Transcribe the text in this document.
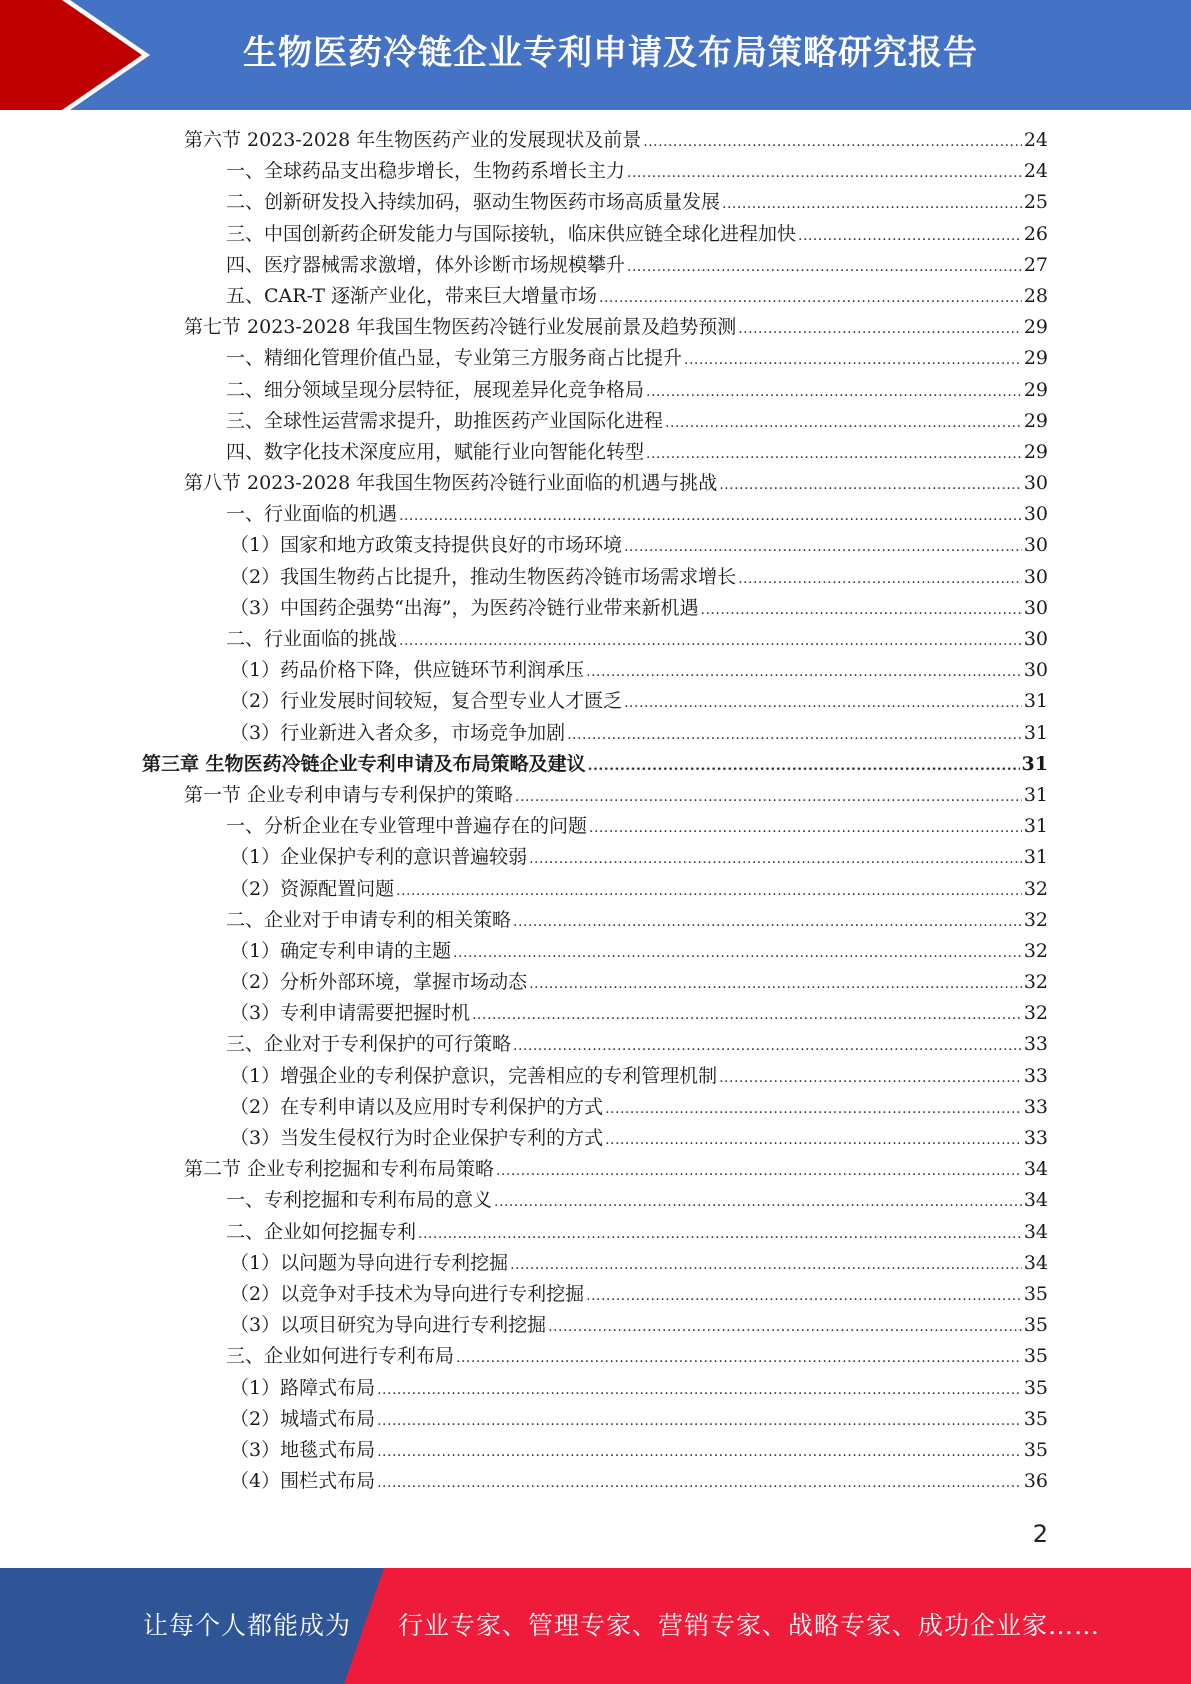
生物医药冷链企业专利申请及布局策略研究报告
第六节 2023-2028 年生物医药产业的发展现状及前景 .....	24
一、全球药品支出稳步增长，生物药系增长主力 .....	24
二、创新研发投入持续加码，驱动生物医药市场高质量发展 .....	25
三、中国创新药企研发能力与国际接轨，临床供应链全球化进程加快 .....	26
四、医疗器械需求激增，体外诊断市场规模攀升 .....	27
五、CAR-T 逐渐产业化，带来巨大增量市场 .....	28
第七节 2023-2028 年我国生物医药冷链行业发展前景及趋势预测 .....	29
一、精细化管理价值凸显，专业第三方服务商占比提升 .....	29
二、细分领域呈现分层特征，展现差异化竞争格局 .....	29
三、全球性运营需求提升，助推医药产业国际化进程 .....	29
四、数字化技术深度应用，赋能行业向智能化转型 .....	29
第八节 2023-2028 年我国生物医药冷链行业面临的机遇与挑战 .....	30
一、行业面临的机遇 .....	30
（1）国家和地方政策支持提供良好的市场环境 .....	30
（2）我国生物药占比提升，推动生物医药冷链市场需求增长 .....	30
（3）中国药企强势“出海”，为医药冷链行业带来新机遇 .....	30
二、行业面临的挑战 .....	30
（1）药品价格下降，供应链环节利润承压 .....	30
（2）行业发展时间较短，复合型专业人才匮乏 .....	31
（3）行业新进入者众多，市场竞争加剧 .....	31
第三章 生物医药冷链企业专利申请及布局策略及建议 .....	31
第一节 企业专利申请与专利保护的策略 .....	31
一、分析企业在专业管理中普遍存在的问题 .....	31
（1）企业保护专利的意识普遍较弱 .....	31
（2）资源配置问题 .....	32
二、企业对于申请专利的相关策略 .....	32
（1）确定专利申请的主题 .....	32
（2）分析外部环境，掌握市场动态 .....	32
（3）专利申请需要把握时机 .....	32
三、企业对于专利保护的可行策略 .....	33
（1）增强企业的专利保护意识，完善相应的专利管理机制 .....	33
（2）在专利申请以及应用时专利保护的方式 .....	33
（3）当发生侵权行为时企业保护专利的方式 .....	33
第二节 企业专利挖掘和专利布局策略 .....	34
一、专利挖掘和专利布局的意义 .....	34
二、企业如何挖掘专利 .....	34
（1）以问题为导向进行专利挖掘 .....	34
（2）以竞争对手技术为导向进行专利挖掘 .....	35
（3）以项目研究为导向进行专利挖掘 .....	35
三、企业如何进行专利布局 .....	35
（1）路障式布局 .....	35
（2）城墙式布局 .....	35
（3）地毯式布局 .....	35
（4）围栏式布局 .....	36
2
让每个人都能成为 行业专家、管理专家、营销专家、战略专家、成功企业家……
